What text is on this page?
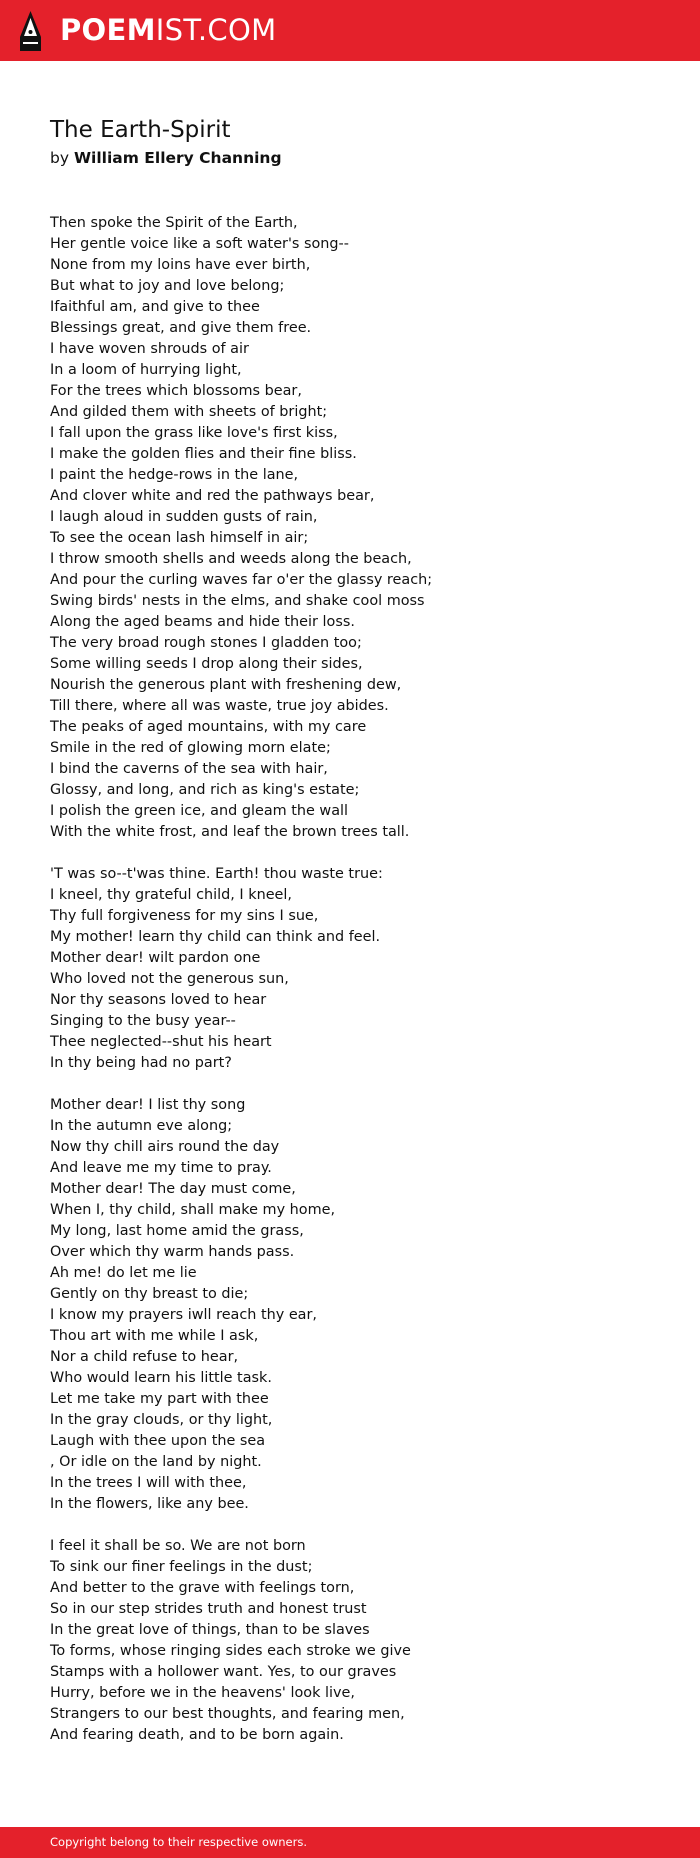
POEMIST.COM
The Earth-Spirit
by William Ellery Channing
Then spoke the Spirit of the Earth,
Her gentle voice like a soft water's song--
None from my loins have ever birth,
But what to joy and love belong;
Ifaithful am, and give to thee
Blessings great, and give them free.
I have woven shrouds of air
In a loom of hurrying light,
For the trees which blossoms bear,
And gilded them with sheets of bright;
I fall upon the grass like love's first kiss,
I make the golden flies and their fine bliss.
I paint the hedge-rows in the lane,
And clover white and red the pathways bear,
I laugh aloud in sudden gusts of rain,
To see the ocean lash himself in air;
I throw smooth shells and weeds along the beach,
And pour the curling waves far o'er the glassy reach;
Swing birds' nests in the elms, and shake cool moss
Along the aged beams and hide their loss.
The very broad rough stones I gladden too;
Some willing seeds I drop along their sides,
Nourish the generous plant with freshening dew,
Till there, where all was waste, true joy abides.
The peaks of aged mountains, with my care
Smile in the red of glowing morn elate;
I bind the caverns of the sea with hair,
Glossy, and long, and rich as king's estate;
I polish the green ice, and gleam the wall
With the white frost, and leaf the brown trees tall.
'T was so--t'was thine. Earth! thou waste true:
I kneel, thy grateful child, I kneel,
Thy full forgiveness for my sins I sue,
My mother! learn thy child can think and feel.
Mother dear! wilt pardon one
Who loved not the generous sun,
Nor thy seasons loved to hear
Singing to the busy year--
Thee neglected--shut his heart
In thy being had no part?
Mother dear! I list thy song
In the autumn eve along;
Now thy chill airs round the day
And leave me my time to pray.
Mother dear! The day must come,
When I, thy child, shall make my home,
My long, last home amid the grass,
Over which thy warm hands pass.
Ah me! do let me lie
Gently on thy breast to die;
I know my prayers iwll reach thy ear,
Thou art with me while I ask,
Nor a child refuse to hear,
Who would learn his little task.
Let me take my part with thee
In the gray clouds, or thy light,
Laugh with thee upon the sea
, Or idle on the land by night.
In the trees I will with thee,
In the flowers, like any bee.
I feel it shall be so. We are not born
To sink our finer feelings in the dust;
And better to the grave with feelings torn,
So in our step strides truth and honest trust
In the great love of things, than to be slaves
To forms, whose ringing sides each stroke we give
Stamps with a hollower want. Yes, to our graves
Hurry, before we in the heavens' look live,
Strangers to our best thoughts, and fearing men,
And fearing death, and to be born again.
Copyright belong to their respective owners.
